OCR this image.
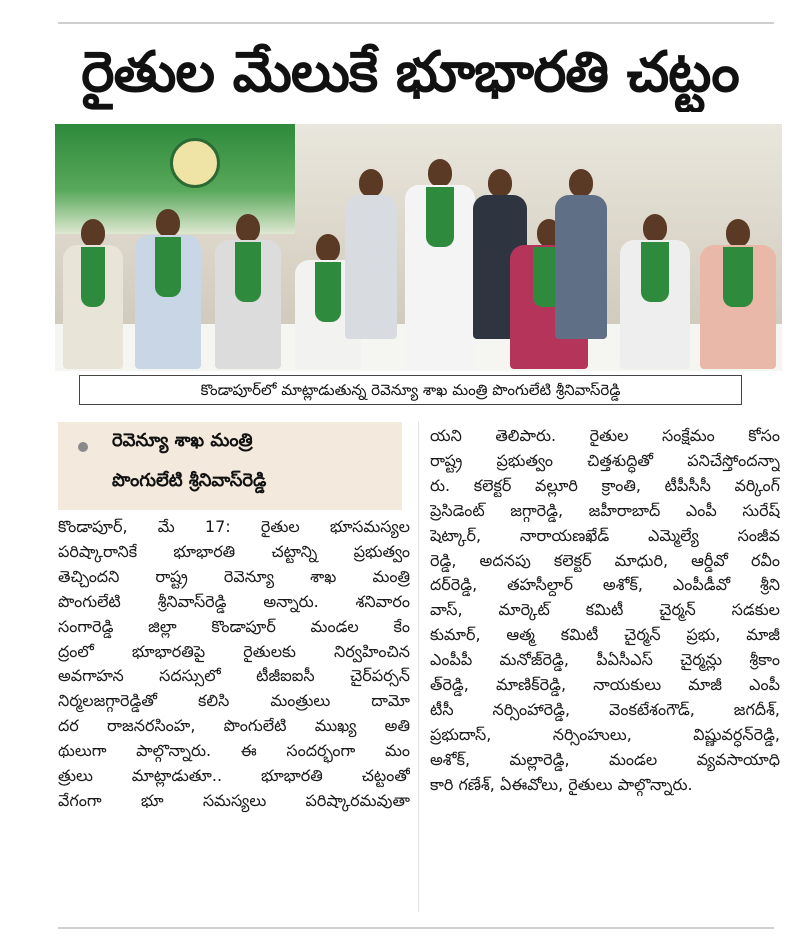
రైతుల మేలుకే భూభారతి చట్టం
కొండాపూర్‌లో మాట్లాడుతున్న రెవెన్యూ శాఖ మంత్రి పొంగులేటి శ్రీనివాస్‌రెడ్డి
రెవెన్యూ శాఖ మంత్రి
పొంగులేటి శ్రీనివాస్‌రెడ్డి
కొండాపూర్, మే 17: రైతుల భూసమస్యల
పరిష్కారానికే భూభారతి చట్టాన్ని ప్రభుత్వం
తెచ్చిందని రాష్ట్ర రెవెన్యూ శాఖ మంత్రి
పొంగులేటి శ్రీనివాస్‌రెడ్డి అన్నారు. శనివారం
సంగారెడ్డి జిల్లా కొండాపూర్ మండల కేం
ద్రంలో భూభారతిపై రైతులకు నిర్వహించిన
అవగాహన సదస్సులో టీజీఐఐసీ చైర్‌పర్సన్
నిర్మలజగ్గారెడ్డితో కలిసి మంత్రులు దామో
దర రాజనరసింహ, పొంగులేటి ముఖ్య అతి
థులుగా పాల్గొన్నారు. ఈ సందర్భంగా మం
త్రులు మాట్లాడుతూ.. భూభారతి చట్టంతో
వేగంగా భూ సమస్యలు పరిష్కారమవుతా
యని తెలిపారు. రైతుల సంక్షేమం కోసం
రాష్ట్ర ప్రభుత్వం చిత్తశుద్ధితో పనిచేస్తోందన్నా
రు. కలెక్టర్ వల్లూరి క్రాంతి, టీపీసీసీ వర్కింగ్
ప్రెసిడెంట్ జగ్గారెడ్డి, జహీరాబాద్ ఎంపీ సురేష్
షెట్కార్, నారాయణఖేడ్ ఎమ్మెల్యే సంజీవ
రెడ్డి, అదనపు కలెక్టర్ మాధురి, ఆర్డీవో రవీం
దర్‌రెడ్డి, తహసీల్దార్ అశోక్, ఎంపీడీవో శ్రీని
వాస్, మార్కెట్ కమిటీ చైర్మన్ సడకుల
కుమార్, ఆత్మ కమిటీ చైర్మన్ ప్రభు, మాజీ
ఎంపీపీ మనోజ్‌రెడ్డి, పీఏసీఎస్ చైర్మన్లు శ్రీకాం
త్‌రెడ్డి, మాణిక్‌రెడ్డి, నాయకులు మాజీ ఎంపీ
టీసీ నర్సింహారెడ్డి, వెంకటేశంగౌడ్, జగదీశ్,
ప్రభుదాస్, నర్సింహులు, విష్ణువర్ధన్‌రెడ్డి,
అశోక్, మల్లారెడ్డి, మండల వ్యవసాయాధి
కారి గణేశ్, ఏఈవోలు, రైతులు పాల్గొన్నారు.
